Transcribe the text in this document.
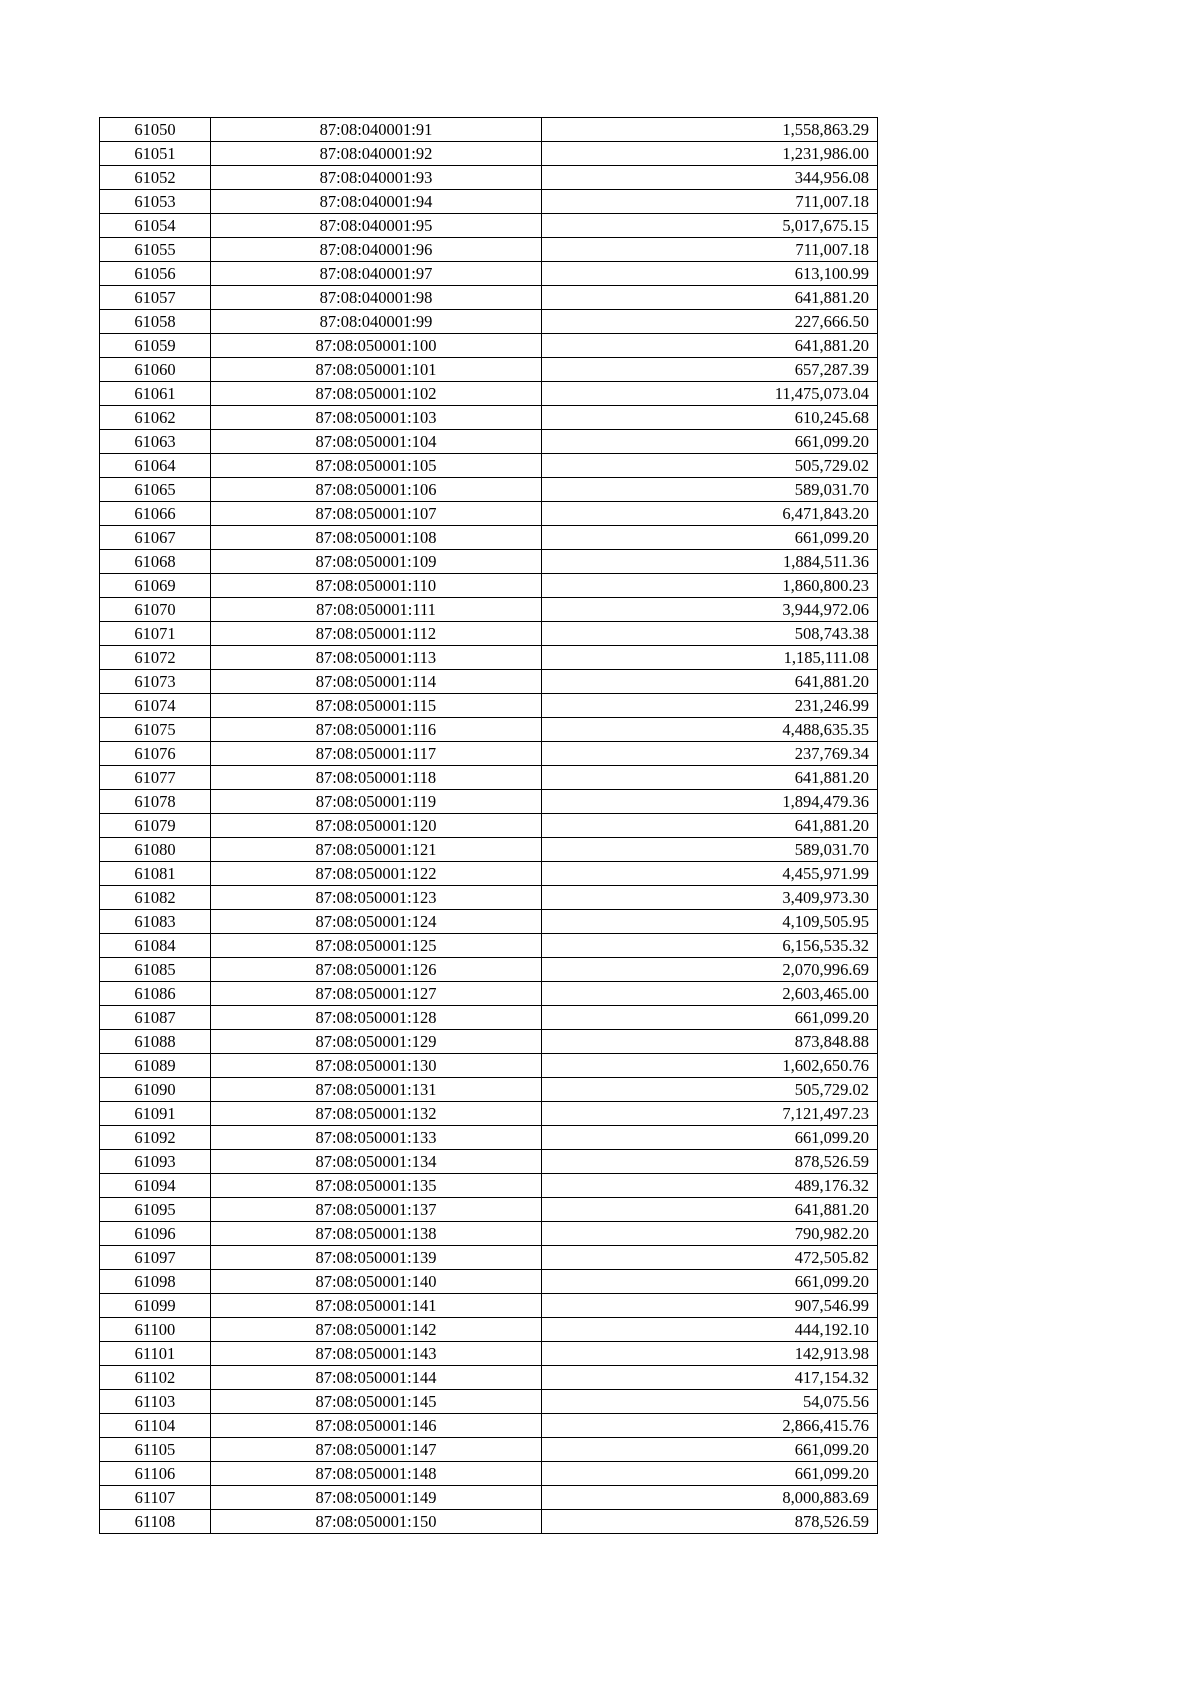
61050	87:08:040001:91	1,558,863.29
61051	87:08:040001:92	1,231,986.00
61052	87:08:040001:93	344,956.08
61053	87:08:040001:94	711,007.18
61054	87:08:040001:95	5,017,675.15
61055	87:08:040001:96	711,007.18
61056	87:08:040001:97	613,100.99
61057	87:08:040001:98	641,881.20
61058	87:08:040001:99	227,666.50
61059	87:08:050001:100	641,881.20
61060	87:08:050001:101	657,287.39
61061	87:08:050001:102	11,475,073.04
61062	87:08:050001:103	610,245.68
61063	87:08:050001:104	661,099.20
61064	87:08:050001:105	505,729.02
61065	87:08:050001:106	589,031.70
61066	87:08:050001:107	6,471,843.20
61067	87:08:050001:108	661,099.20
61068	87:08:050001:109	1,884,511.36
61069	87:08:050001:110	1,860,800.23
61070	87:08:050001:111	3,944,972.06
61071	87:08:050001:112	508,743.38
61072	87:08:050001:113	1,185,111.08
61073	87:08:050001:114	641,881.20
61074	87:08:050001:115	231,246.99
61075	87:08:050001:116	4,488,635.35
61076	87:08:050001:117	237,769.34
61077	87:08:050001:118	641,881.20
61078	87:08:050001:119	1,894,479.36
61079	87:08:050001:120	641,881.20
61080	87:08:050001:121	589,031.70
61081	87:08:050001:122	4,455,971.99
61082	87:08:050001:123	3,409,973.30
61083	87:08:050001:124	4,109,505.95
61084	87:08:050001:125	6,156,535.32
61085	87:08:050001:126	2,070,996.69
61086	87:08:050001:127	2,603,465.00
61087	87:08:050001:128	661,099.20
61088	87:08:050001:129	873,848.88
61089	87:08:050001:130	1,602,650.76
61090	87:08:050001:131	505,729.02
61091	87:08:050001:132	7,121,497.23
61092	87:08:050001:133	661,099.20
61093	87:08:050001:134	878,526.59
61094	87:08:050001:135	489,176.32
61095	87:08:050001:137	641,881.20
61096	87:08:050001:138	790,982.20
61097	87:08:050001:139	472,505.82
61098	87:08:050001:140	661,099.20
61099	87:08:050001:141	907,546.99
61100	87:08:050001:142	444,192.10
61101	87:08:050001:143	142,913.98
61102	87:08:050001:144	417,154.32
61103	87:08:050001:145	54,075.56
61104	87:08:050001:146	2,866,415.76
61105	87:08:050001:147	661,099.20
61106	87:08:050001:148	661,099.20
61107	87:08:050001:149	8,000,883.69
61108	87:08:050001:150	878,526.59
